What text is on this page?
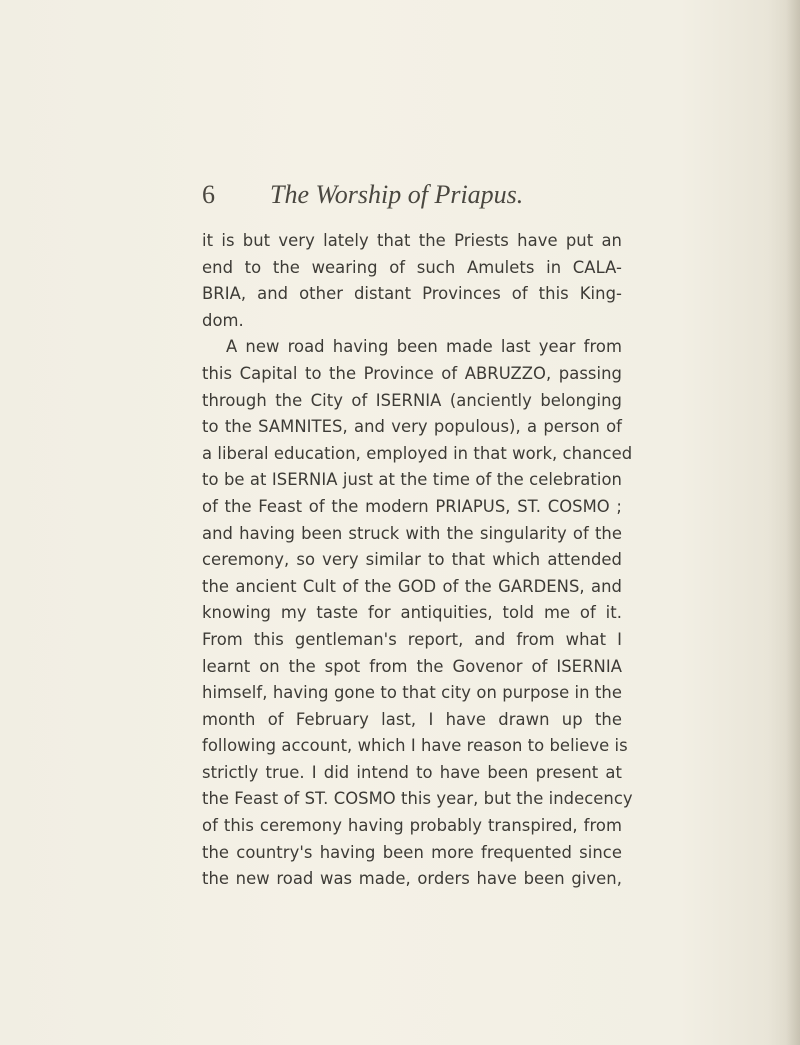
6 The Worship of Priapus.
it is but very lately that the Priests have put an
end to the wearing of such Amulets in CALA-
BRIA, and other distant Provinces of this King-
dom.
A new road having been made last year from
this Capital to the Province of ABRUZZO, passing
through the City of ISERNIA (anciently belonging
to the SAMNITES, and very populous), a person of
a liberal education, employed in that work, chanced
to be at ISERNIA just at the time of the celebration
of the Feast of the modern PRIAPUS, ST. COSMO ;
and having been struck with the singularity of the
ceremony, so very similar to that which attended
the ancient Cult of the GOD of the GARDENS, and
knowing my taste for antiquities, told me of it.
From this gentleman's report, and from what I
learnt on the spot from the Govenor of ISERNIA
himself, having gone to that city on purpose in the
month of February last, I have drawn up the
following account, which I have reason to believe is
strictly true. I did intend to have been present at
the Feast of ST. COSMO this year, but the indecency
of this ceremony having probably transpired, from
the country's having been more frequented since
the new road was made, orders have been given,
